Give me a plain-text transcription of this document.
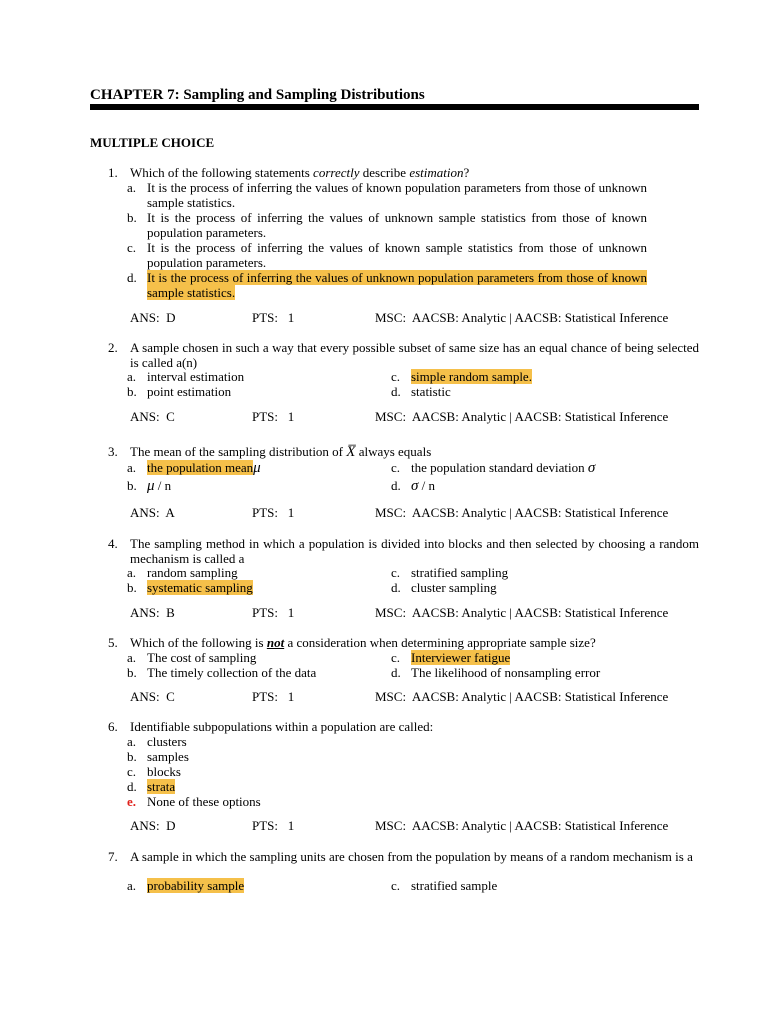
CHAPTER 7: Sampling and Sampling Distributions
MULTIPLE CHOICE
1. Which of the following statements correctly describe estimation?
a. It is the process of inferring the values of known population parameters from those of unknown sample statistics.
b. It is the process of inferring the values of unknown sample statistics from those of known population parameters.
c. It is the process of inferring the values of known sample statistics from those of unknown population parameters.
d. It is the process of inferring the values of unknown population parameters from those of known sample statistics.
ANS: D	PTS: 1	MSC: AACSB: Analytic | AACSB: Statistical Inference
2. A sample chosen in such a way that every possible subset of same size has an equal chance of being selected is called a(n)
a. interval estimation
b. point estimation
c. simple random sample.
d. statistic
ANS: C	PTS: 1	MSC: AACSB: Analytic | AACSB: Statistical Inference
3. The mean of the sampling distribution of X̅ always equals
a. the population meanμ
b. μ / n
c. the population standard deviation σ
d. σ / n
ANS: A	PTS: 1	MSC: AACSB: Analytic | AACSB: Statistical Inference
4. The sampling method in which a population is divided into blocks and then selected by choosing a random mechanism is called a
a. random sampling
b. systematic sampling
c. stratified sampling
d. cluster sampling
ANS: B	PTS: 1	MSC: AACSB: Analytic | AACSB: Statistical Inference
5. Which of the following is not a consideration when determining appropriate sample size?
a. The cost of sampling
b. The timely collection of the data
c. Interviewer fatigue
d. The likelihood of nonsampling error
ANS: C	PTS: 1	MSC: AACSB: Analytic | AACSB: Statistical Inference
6. Identifiable subpopulations within a population are called:
a. clusters
b. samples
c. blocks
d. strata
e. None of these options
ANS: D	PTS: 1	MSC: AACSB: Analytic | AACSB: Statistical Inference
7. A sample in which the sampling units are chosen from the population by means of a random mechanism is a
a. probability sample	c. stratified sample
